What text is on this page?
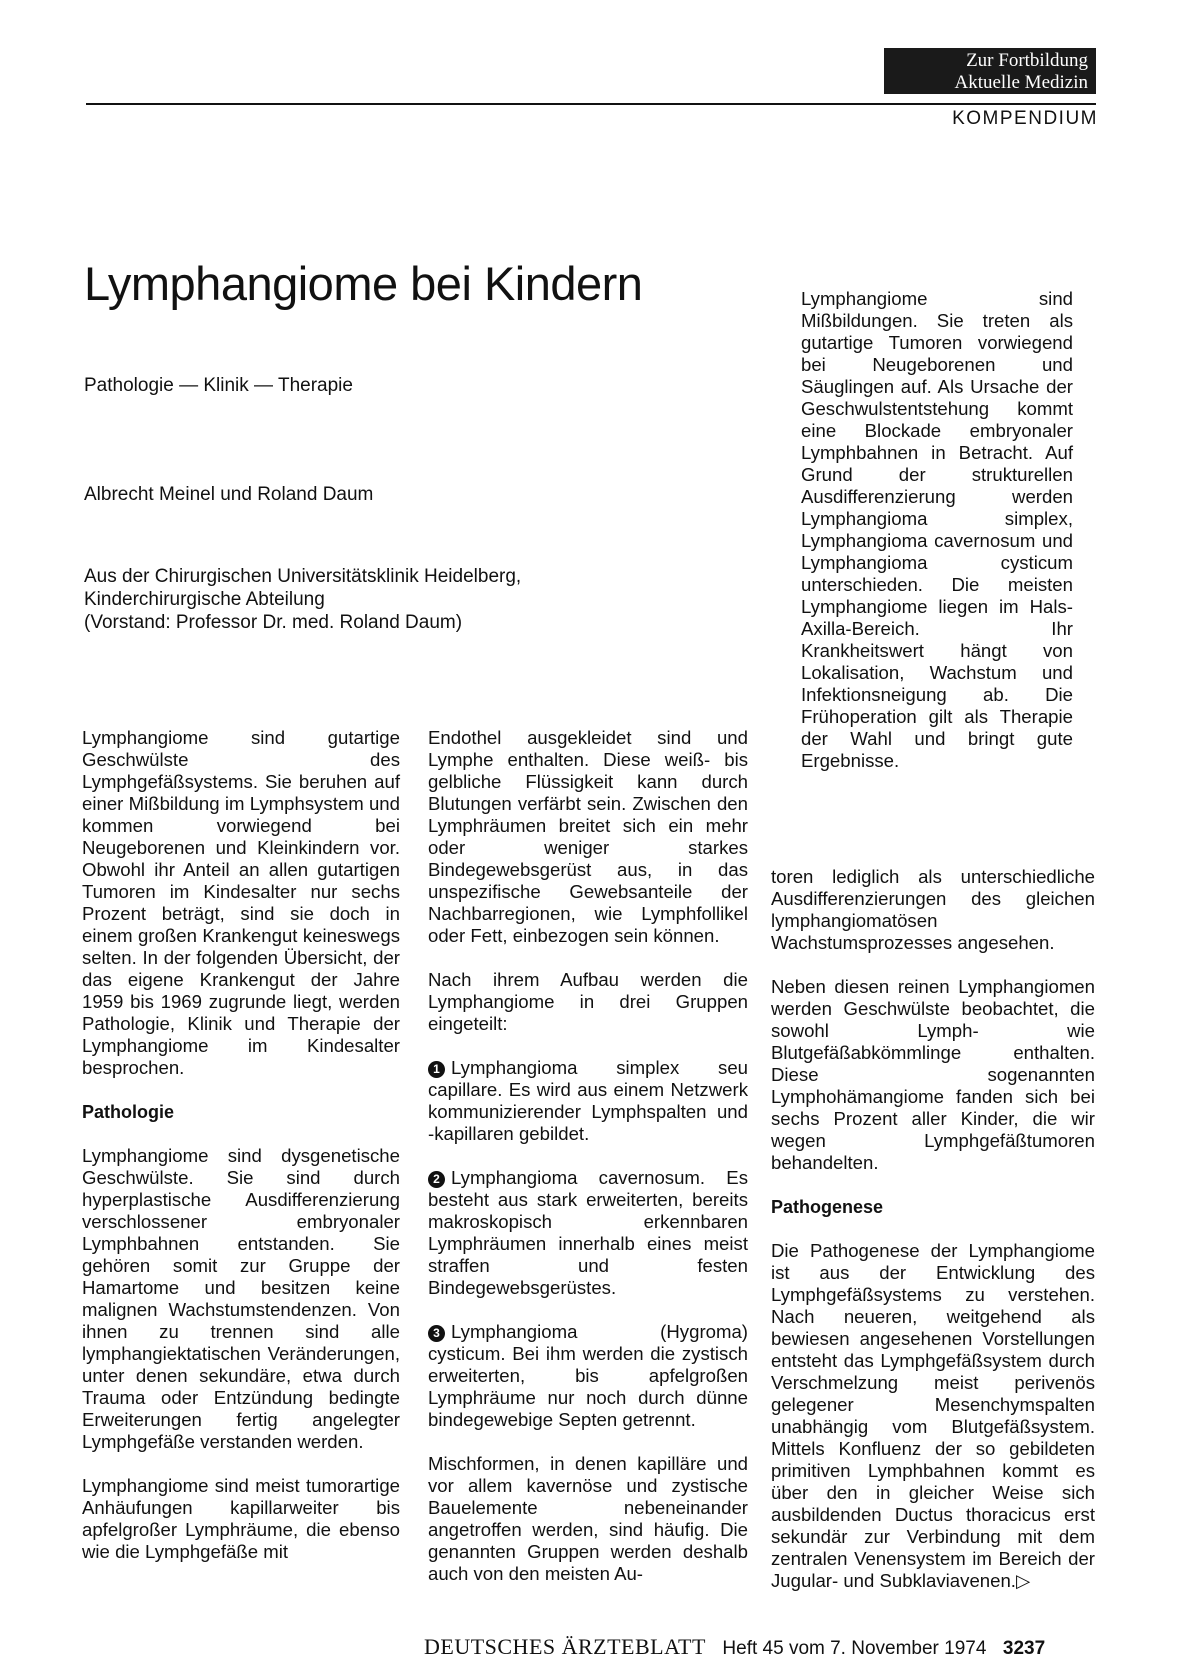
Zur Fortbildung
Aktuelle Medizin
KOMPENDIUM
Lymphangiome bei Kindern
Pathologie — Klinik — Therapie
Albrecht Meinel und Roland Daum
Aus der Chirurgischen Universitätsklinik Heidelberg,
Kinderchirurgische Abteilung
(Vorstand: Professor Dr. med. Roland Daum)
Lymphangiome sind Mißbildungen. Sie treten als gutartige Tumoren vorwiegend bei Neugeborenen und Säuglingen auf. Als Ursache der Geschwulstentstehung kommt eine Blockade embryonaler Lymphbahnen in Betracht. Auf Grund der strukturellen Ausdifferenzierung werden Lymphangioma simplex, Lymphangioma cavernosum und Lymphangioma cysticum unterschieden. Die meisten Lymphangiome liegen im Hals-Axilla-Bereich. Ihr Krankheitswert hängt von Lokalisation, Wachstum und Infektionsneigung ab. Die Frühoperation gilt als Therapie der Wahl und bringt gute Ergebnisse.

Lymphangiome sind gutartige Geschwülste des Lymphgefäßsystems. Sie beruhen auf einer Mißbildung im Lymphsystem und kommen vorwiegend bei Neugeborenen und Kleinkindern vor. Obwohl ihr Anteil an allen gutartigen Tumoren im Kindesalter nur sechs Prozent beträgt, sind sie doch in einem großen Krankengut keineswegs selten. In der folgenden Übersicht, der das eigene Krankengut der Jahre 1959 bis 1969 zugrunde liegt, werden Pathologie, Klinik und Therapie der Lymphangiome im Kindesalter besprochen.

Pathologie

Lymphangiome sind dysgenetische Geschwülste. Sie sind durch hyperplastische Ausdifferenzierung verschlossener embryonaler Lymphbahnen entstanden. Sie gehören somit zur Gruppe der Hamartome und besitzen keine malignen Wachstumstendenzen. Von ihnen zu trennen sind alle lymphangiektatischen Veränderungen, unter denen sekundäre, etwa durch Trauma oder Entzündung bedingte Erweiterungen fertig angelegter Lymphgefäße verstanden werden.

Lymphangiome sind meist tumorartige Anhäufungen kapillarweiter bis apfelgroßer Lymphräume, die ebenso wie die Lymphgefäße mit

Endothel ausgekleidet sind und Lymphe enthalten. Diese weiß- bis gelbliche Flüssigkeit kann durch Blutungen verfärbt sein. Zwischen den Lymphräumen breitet sich ein mehr oder weniger starkes Bindegewebsgerüst aus, in das unspezifische Gewebsanteile der Nachbarregionen, wie Lymphfollikel oder Fett, einbezogen sein können.

Nach ihrem Aufbau werden die Lymphangiome in drei Gruppen eingeteilt:

1 Lymphangioma simplex seu capillare. Es wird aus einem Netzwerk kommunizierender Lymphspalten und -kapillaren gebildet.

2 Lymphangioma cavernosum. Es besteht aus stark erweiterten, bereits makroskopisch erkennbaren Lymphräumen innerhalb eines meist straffen und festen Bindegewebsgerüstes.

3 Lymphangioma (Hygroma) cysticum. Bei ihm werden die zystisch erweiterten, bis apfelgroßen Lymphräume nur noch durch dünne bindegewebige Septen getrennt.

Mischformen, in denen kapilläre und vor allem kavernöse und zystische Bauelemente nebeneinander angetroffen werden, sind häufig. Die genannten Gruppen werden deshalb auch von den meisten Au-

toren lediglich als unterschiedliche Ausdifferenzierungen des gleichen lymphangiomatösen Wachstumsprozesses angesehen.

Neben diesen reinen Lymphangiomen werden Geschwülste beobachtet, die sowohl Lymph- wie Blutgefäßabkömmlinge enthalten. Diese sogenannten Lymphohämangiome fanden sich bei sechs Prozent aller Kinder, die wir wegen Lymphgefäßtumoren behandelten.

Pathogenese

Die Pathogenese der Lymphangiome ist aus der Entwicklung des Lymphgefäßsystems zu verstehen. Nach neueren, weitgehend als bewiesen angesehenen Vorstellungen entsteht das Lymphgefäßsystem durch Verschmelzung meist perivenös gelegener Mesenchymspalten unabhängig vom Blutgefäßsystem. Mittels Konfluenz der so gebildeten primitiven Lymphbahnen kommt es über den in gleicher Weise sich ausbildenden Ductus thoracicus erst sekundär zur Verbindung mit dem zentralen Venensystem im Bereich der Jugular- und Subklaviavenen.▷

DEUTSCHES ÄRZTEBLATT Heft 45 vom 7. November 1974 3237
